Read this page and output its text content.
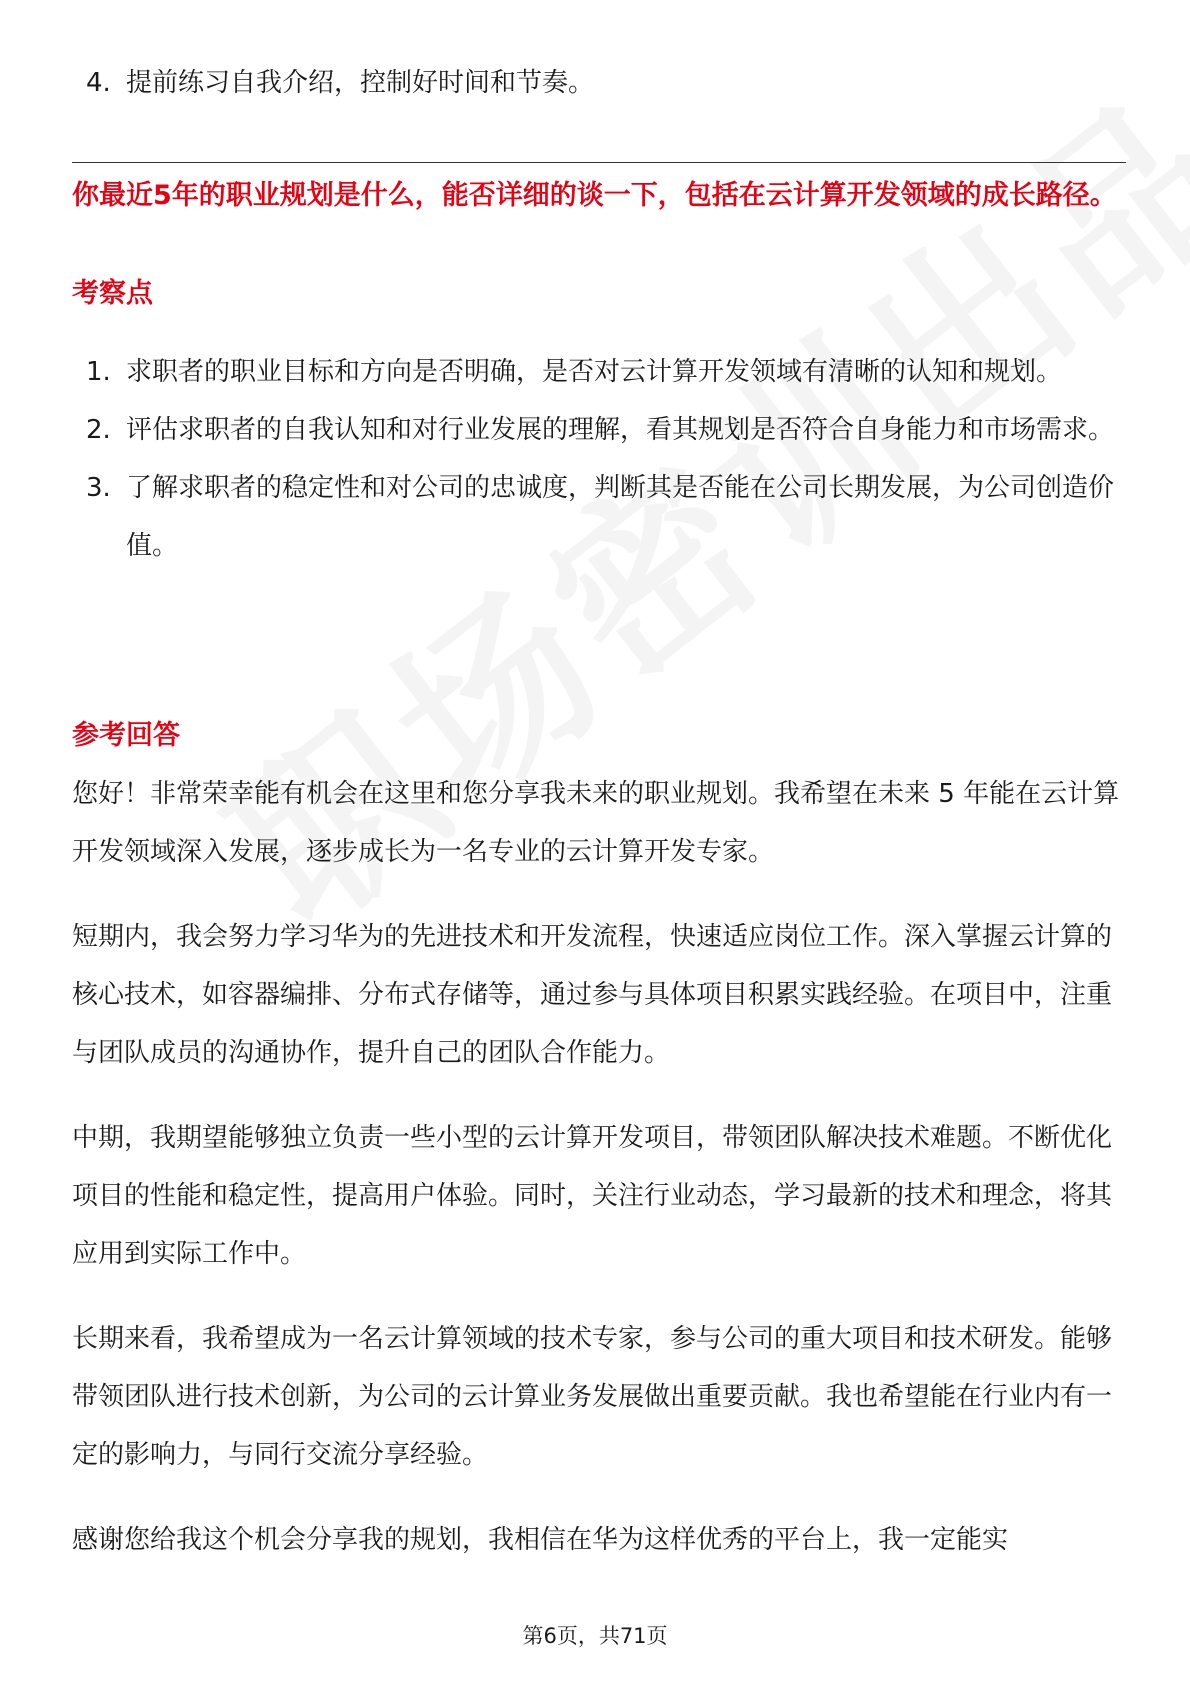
4. 提前练习自我介绍，控制好时间和节奏。
你最近5年的职业规划是什么，能否详细的谈一下，包括在云计算开发领域的成长路径。
考察点
1. 求职者的职业目标和方向是否明确，是否对云计算开发领域有清晰的认知和规划。
2. 评估求职者的自我认知和对行业发展的理解，看其规划是否符合自身能力和市场需求。
3. 了解求职者的稳定性和对公司的忠诚度，判断其是否能在公司长期发展，为公司创造价值。
参考回答

您好！非常荣幸能有机会在这里和您分享我未来的职业规划。我希望在未来 5 年能在云计算开发领域深入发展，逐步成长为一名专业的云计算开发专家。

短期内，我会努力学习华为的先进技术和开发流程，快速适应岗位工作。深入掌握云计算的核心技术，如容器编排、分布式存储等，通过参与具体项目积累实践经验。在项目中，注重与团队成员的沟通协作，提升自己的团队合作能力。

中期，我期望能够独立负责一些小型的云计算开发项目，带领团队解决技术难题。不断优化项目的性能和稳定性，提高用户体验。同时，关注行业动态，学习最新的技术和理念，将其应用到实际工作中。

长期来看，我希望成为一名云计算领域的技术专家，参与公司的重大项目和技术研发。能够带领团队进行技术创新，为公司的云计算业务发展做出重要贡献。我也希望能在行业内有一定的影响力，与同行交流分享经验。

感谢您给我这个机会分享我的规划，我相信在华为这样优秀的平台上，我一定能实

第6页，共71页
